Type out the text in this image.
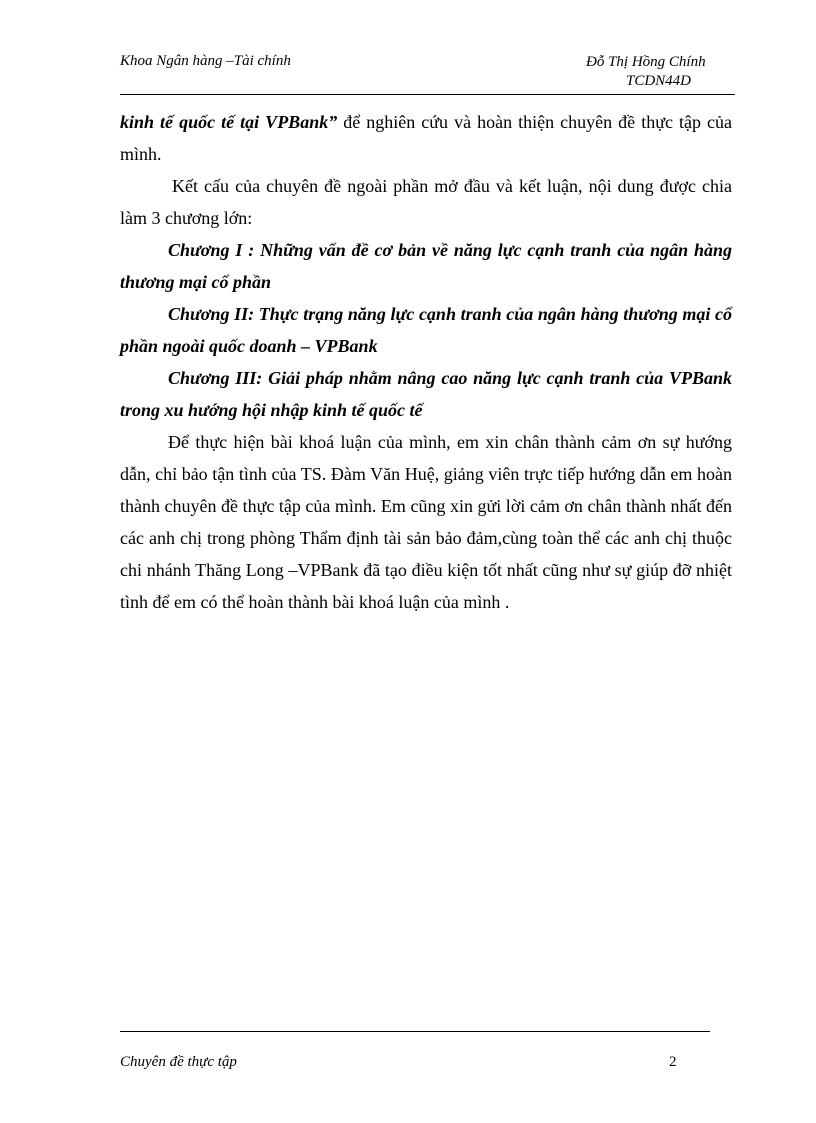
Khoa Ngân hàng –Tài chính	Đỗ Thị Hồng Chính
TCDN44D

kinh tế quốc tế tại VPBank” để nghiên cứu và hoàn thiện chuyên đề thực tập của mình.

Kết cấu của chuyên đề ngoài phần mở đầu và kết luận, nội dung được chia làm 3 chương lớn:

Chương I : Những vấn đề cơ bản về năng lực cạnh tranh của ngân hàng thương mại cổ phần

Chương II: Thực trạng năng lực cạnh tranh của ngân hàng thương mại cổ phần ngoài quốc doanh – VPBank

Chương III: Giải pháp nhằm nâng cao năng lực cạnh tranh của VPBank trong xu hướng hội nhập kinh tế quốc tế

Để thực hiện bài khoá luận của mình, em xin chân thành cảm ơn sự hướng dẫn, chỉ bảo tận tình của TS. Đàm Văn Huệ, giảng viên trực tiếp hướng dẫn em hoàn thành chuyên đề thực tập của mình. Em cũng xin gửi lời cảm ơn chân thành nhất đến các anh chị trong phòng Thẩm định tài sản bảo đảm,cùng toàn thể các anh chị thuộc chi nhánh Thăng Long –VPBank đã tạo điều kiện tốt nhất cũng như sự giúp đỡ nhiệt tình để em có thể hoàn thành bài khoá luận của mình .

Chuyên đề thực tập	2
